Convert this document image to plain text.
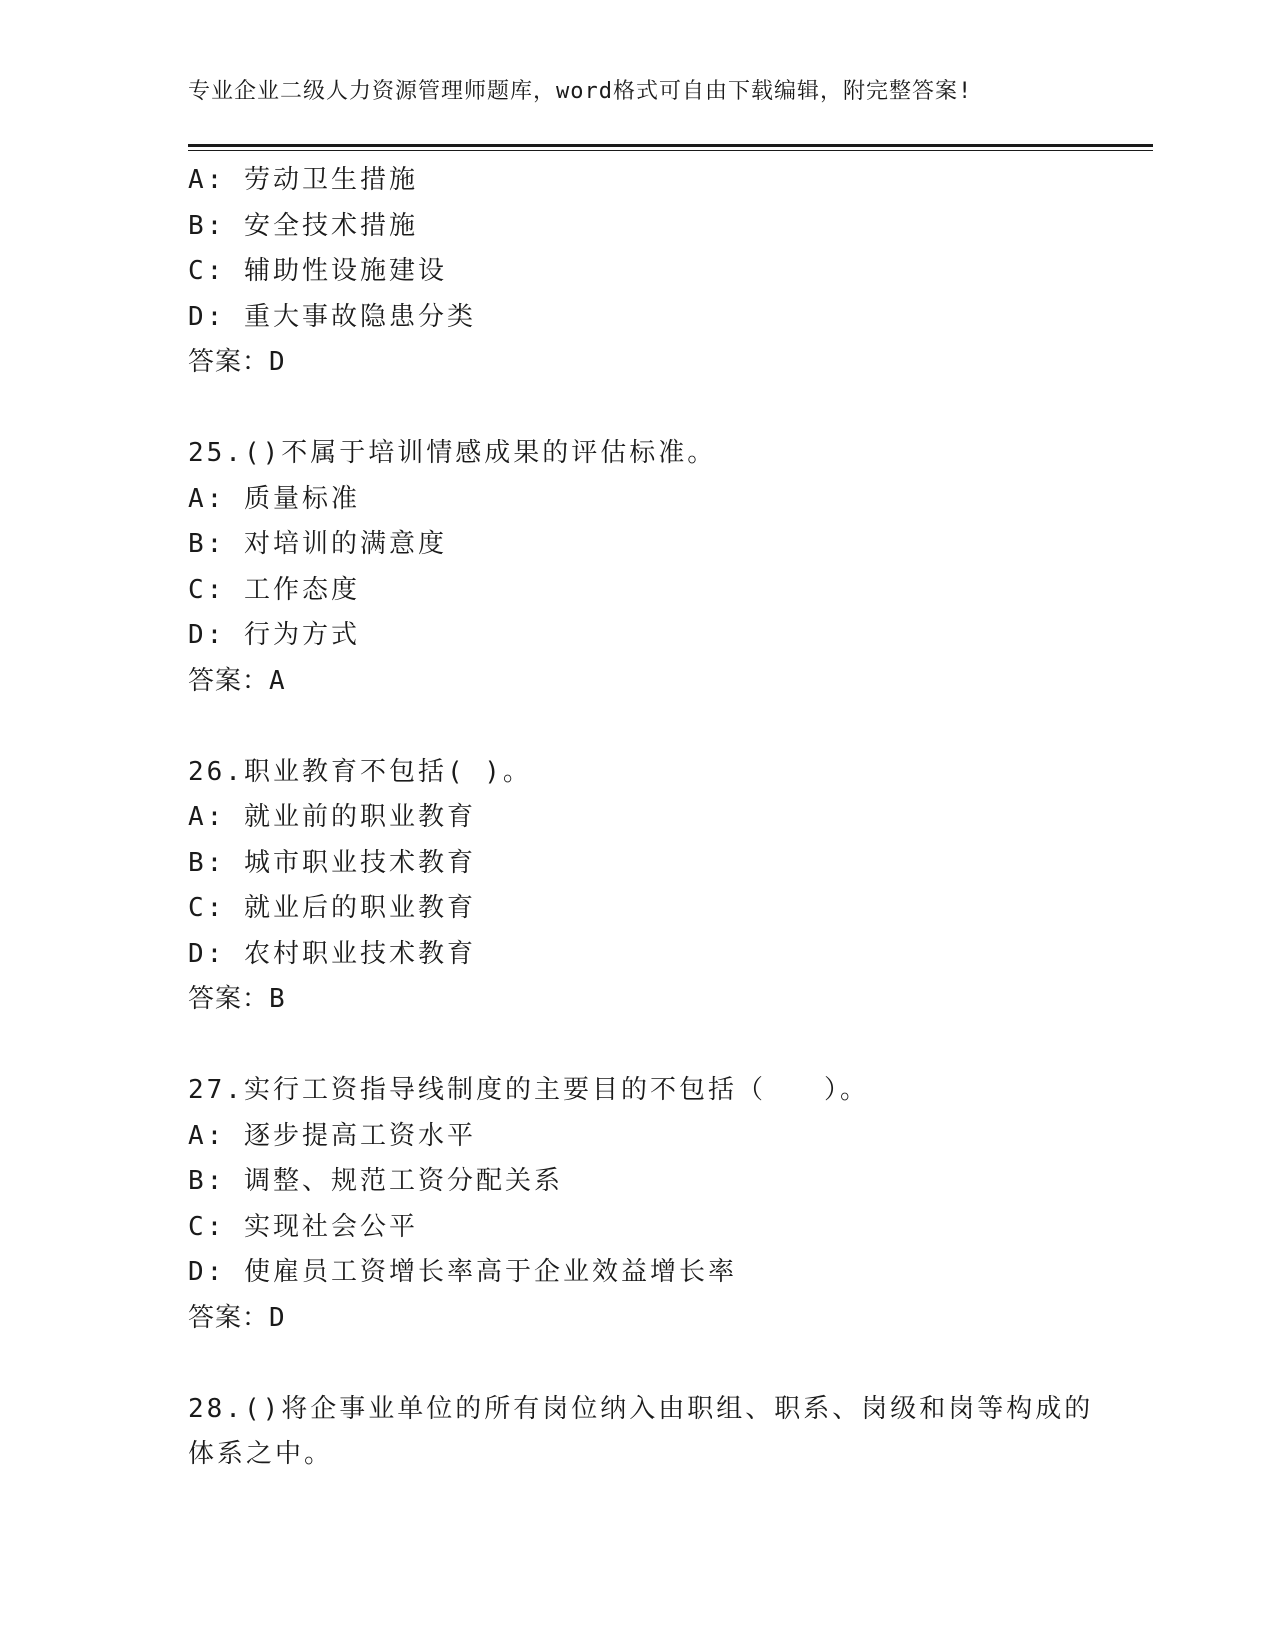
专业企业二级人力资源管理师题库，word格式可自由下载编辑，附完整答案!
A: 劳动卫生措施
B: 安全技术措施
C: 辅助性设施建设
D: 重大事故隐患分类
答案：D
25.()不属于培训情感成果的评估标准。
A: 质量标准
B: 对培训的满意度
C: 工作态度
D: 行为方式
答案：A
26.职业教育不包括( )。
A: 就业前的职业教育
B: 城市职业技术教育
C: 就业后的职业教育
D: 农村职业技术教育
答案：B
27.实行工资指导线制度的主要目的不包括（　　）。
A: 逐步提高工资水平
B: 调整、规范工资分配关系
C: 实现社会公平
D: 使雇员工资增长率高于企业效益增长率
答案：D
28.()将企事业单位的所有岗位纳入由职组、职系、岗级和岗等构成的
体系之中。
